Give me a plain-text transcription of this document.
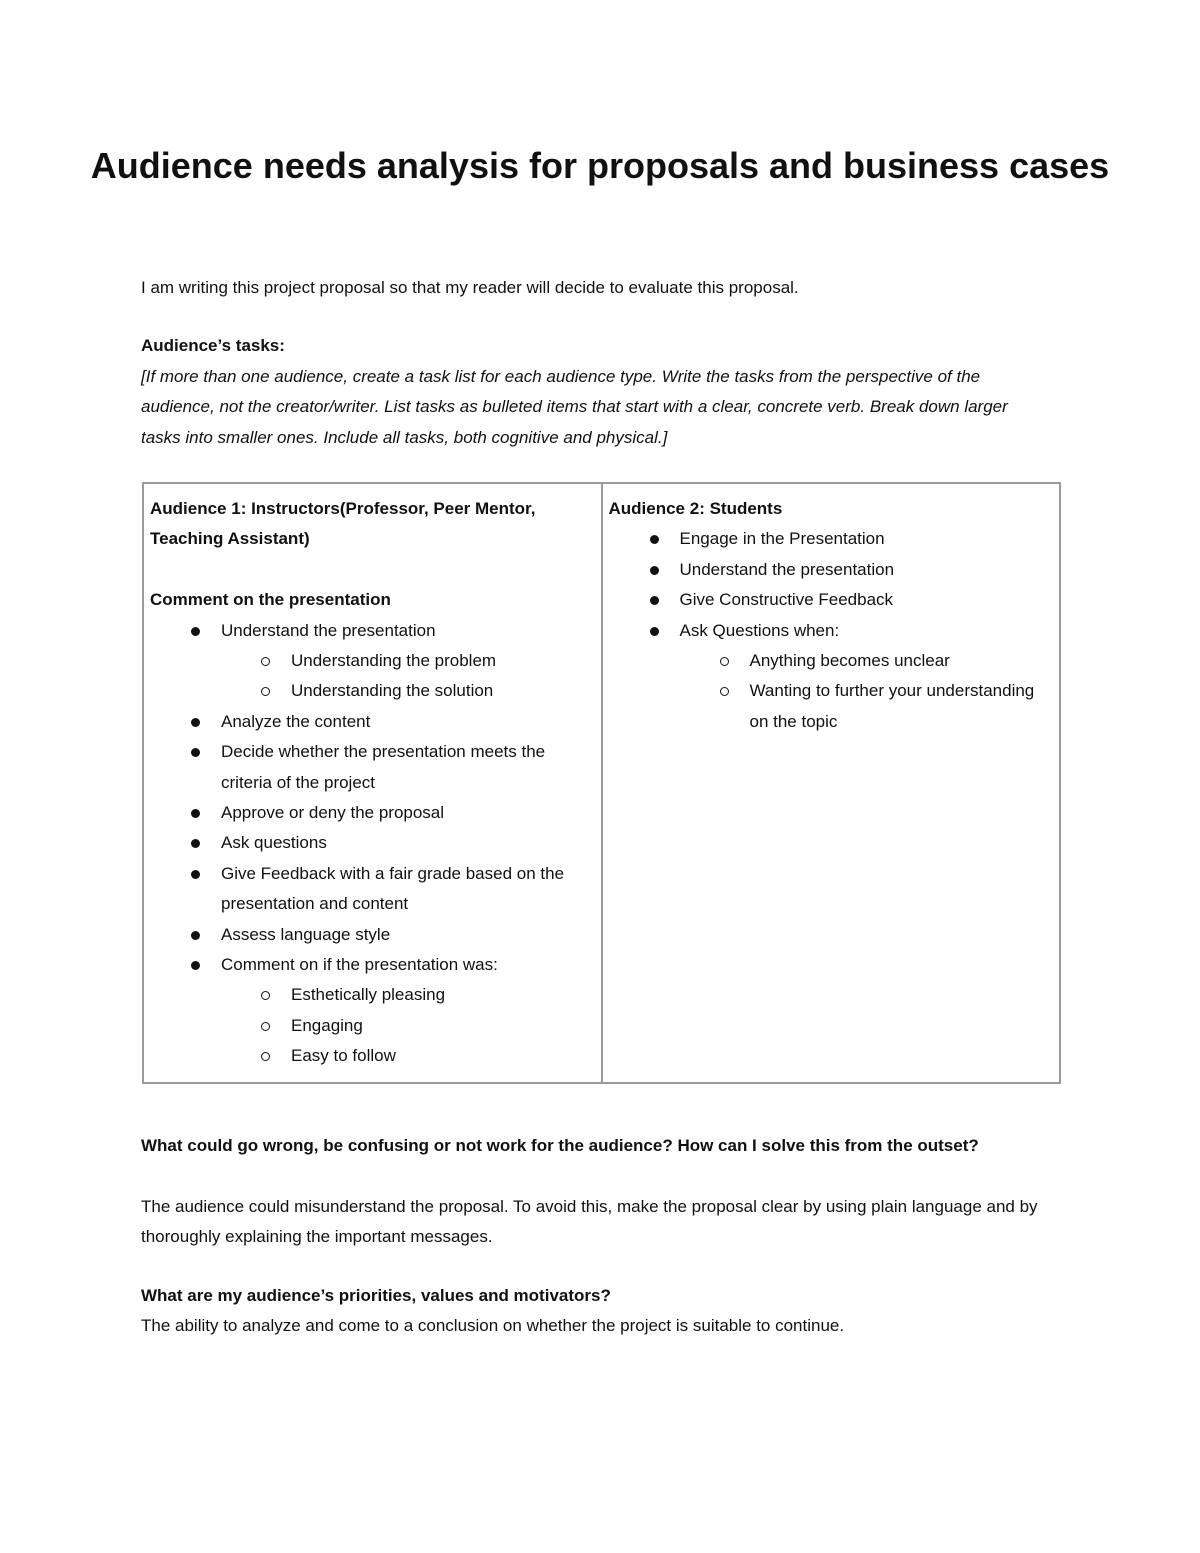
Audience needs analysis for proposals and business cases
I am writing this project proposal so that my reader will decide to evaluate this proposal.
Audience’s tasks:
[If more than one audience, create a task list for each audience type. Write the tasks from the perspective of the audience, not the creator/writer. List tasks as bulleted items that start with a clear, concrete verb. Break down larger tasks into smaller ones. Include all tasks, both cognitive and physical.]
Audience 1: Instructors(Professor, Peer Mentor, Teaching Assistant)
Comment on the presentation
Understand the presentation
Understanding the problem
Understanding the solution
Analyze the content
Decide whether the presentation meets the criteria of the project
Approve or deny the proposal
Ask questions
Give Feedback with a fair grade based on the presentation and content
Assess language style
Comment on if the presentation was:
Esthetically pleasing
Engaging
Easy to follow

Audience 2: Students
Engage in the Presentation
Understand the presentation
Give Constructive Feedback
Ask Questions when:
Anything becomes unclear
Wanting to further your understanding on the topic
What could go wrong, be confusing or not work for the audience? How can I solve this from the outset?
The audience could misunderstand the proposal. To avoid this, make the proposal clear by using plain language and by thoroughly explaining the important messages.
What are my audience’s priorities, values and motivators?
The ability to analyze and come to a conclusion on whether the project is suitable to continue.
